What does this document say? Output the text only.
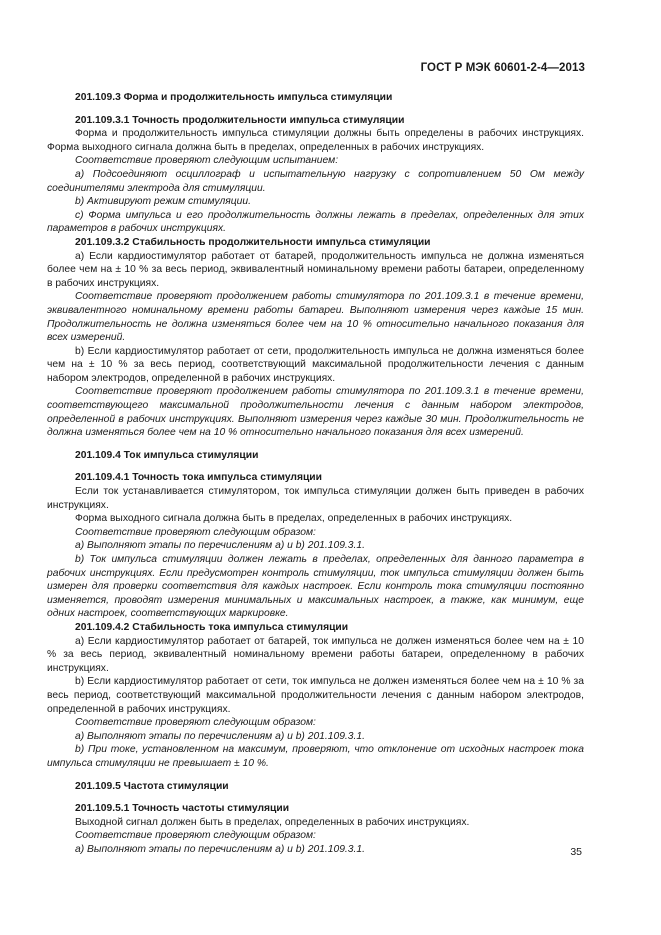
ГОСТ Р МЭК 60601-2-4—2013

201.109.3 Форма и продолжительность импульса стимуляции

201.109.3.1 Точность продолжительности импульса стимуляции

Форма и продолжительность импульса стимуляции должны быть определены в рабочих инструкциях. Форма выходного сигнала должна быть в пределах, определенных в рабочих инструкциях.

Соответствие проверяют следующим испытанием:

a) Подсоединяют осциллограф и испытательную нагрузку с сопротивлением 50 Ом между соединителями электрода для стимуляции.

b) Активируют режим стимуляции.

c) Форма импульса и его продолжительность должны лежать в пределах, определенных для этих параметров в рабочих инструкциях.

201.109.3.2 Стабильность продолжительности импульса стимуляции

a) Если кардиостимулятор работает от батарей, продолжительность импульса не должна изменяться более чем на ± 10 % за весь период, эквивалентный номинальному времени работы батареи, определенному в рабочих инструкциях.

Соответствие проверяют продолжением работы стимулятора по 201.109.3.1 в течение времени, эквивалентного номинальному времени работы батареи. Выполняют измерения через каждые 15 мин. Продолжительность не должна изменяться более чем на 10 % относительно начального показания для всех измерений.

b) Если кардиостимулятор работает от сети, продолжительность импульса не должна изменяться более чем на ± 10 % за весь период, соответствующий максимальной продолжительности лечения с данным набором электродов, определенной в рабочих инструкциях.

Соответствие проверяют продолжением работы стимулятора по 201.109.3.1 в течение времени, соответствующего максимальной продолжительности лечения с данным набором электродов, определенной в рабочих инструкциях. Выполняют измерения через каждые 30 мин. Продолжительность не должна изменяться более чем на 10 % относительно начального показания для всех измерений.

201.109.4 Ток импульса стимуляции

201.109.4.1 Точность тока импульса стимуляции

Если ток устанавливается стимулятором, ток импульса стимуляции должен быть приведен в рабочих инструкциях.

Форма выходного сигнала должна быть в пределах, определенных в рабочих инструкциях.

Соответствие проверяют следующим образом:

a) Выполняют этапы по перечислениям a) и b) 201.109.3.1.

b) Ток импульса стимуляции должен лежать в пределах, определенных для данного параметра в рабочих инструкциях. Если предусмотрен контроль стимуляции, ток импульса стимуляции должен быть измерен для проверки соответствия для каждых настроек. Если контроль тока стимуляции постоянно изменяется, проводят измерения минимальных и максимальных настроек, а также, как минимум, еще одних настроек, соответствующих маркировке.

201.109.4.2 Стабильность тока импульса стимуляции

a) Если кардиостимулятор работает от батарей, ток импульса не должен изменяться более чем на ± 10 % за весь период, эквивалентный номинальному времени работы батареи, определенному в рабочих инструкциях.

b) Если кардиостимулятор работает от сети, ток импульса не должен изменяться более чем на ± 10 % за весь период, соответствующий максимальной продолжительности лечения с данным набором электродов, определенной в рабочих инструкциях.

Соответствие проверяют следующим образом:

a) Выполняют этапы по перечислениям a) и b) 201.109.3.1.

b) При токе, установленном на максимум, проверяют, что отклонение от исходных настроек тока импульса стимуляции не превышает ± 10 %.

201.109.5 Частота стимуляции

201.109.5.1 Точность частоты стимуляции

Выходной сигнал должен быть в пределах, определенных в рабочих инструкциях.

Соответствие проверяют следующим образом:

a) Выполняют этапы по перечислениям a) и b) 201.109.3.1.	35
